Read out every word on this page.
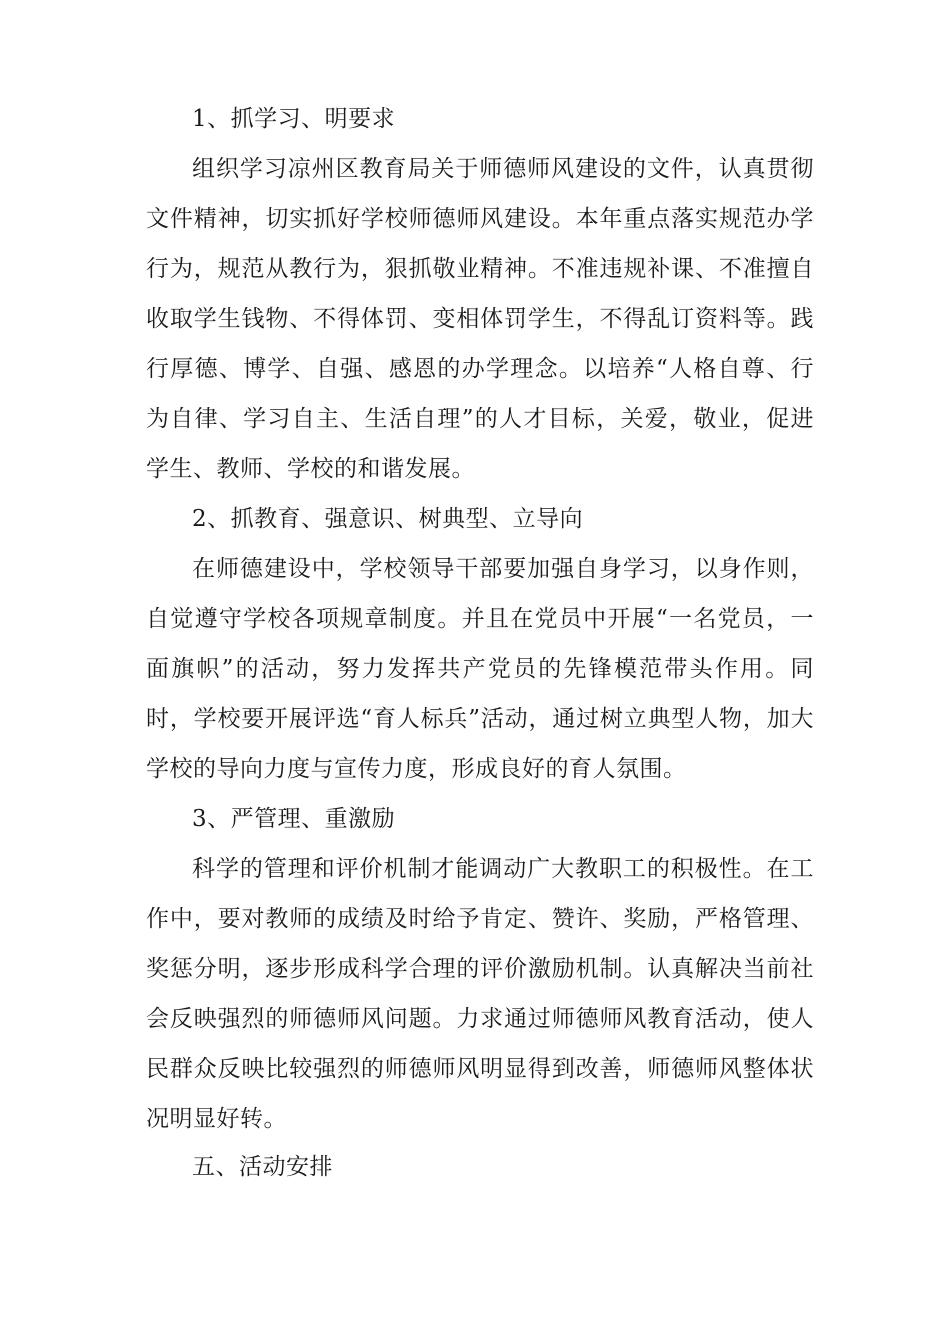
1、抓学习、明要求

组织学习凉州区教育局关于师德师风建设的文件，认真贯彻文件精神，切实抓好学校师德师风建设。本年重点落实规范办学行为，规范从教行为，狠抓敬业精神。不准违规补课、不准擅自收取学生钱物、不得体罚、变相体罚学生，不得乱订资料等。践行厚德、博学、自强、感恩的办学理念。以培养“人格自尊、行为自律、学习自主、生活自理”的人才目标，关爱，敬业，促进学生、教师、学校的和谐发展。

2、抓教育、强意识、树典型、立导向

在师德建设中，学校领导干部要加强自身学习，以身作则，自觉遵守学校各项规章制度。并且在党员中开展“一名党员，一面旗帜”的活动，努力发挥共产党员的先锋模范带头作用。同时，学校要开展评选“育人标兵”活动，通过树立典型人物，加大学校的导向力度与宣传力度，形成良好的育人氛围。

3、严管理、重激励

科学的管理和评价机制才能调动广大教职工的积极性。在工作中，要对教师的成绩及时给予肯定、赞许、奖励，严格管理、奖惩分明，逐步形成科学合理的评价激励机制。认真解决当前社会反映强烈的师德师风问题。力求通过师德师风教育活动，使人民群众反映比较强烈的师德师风明显得到改善，师德师风整体状况明显好转。

五、活动安排
